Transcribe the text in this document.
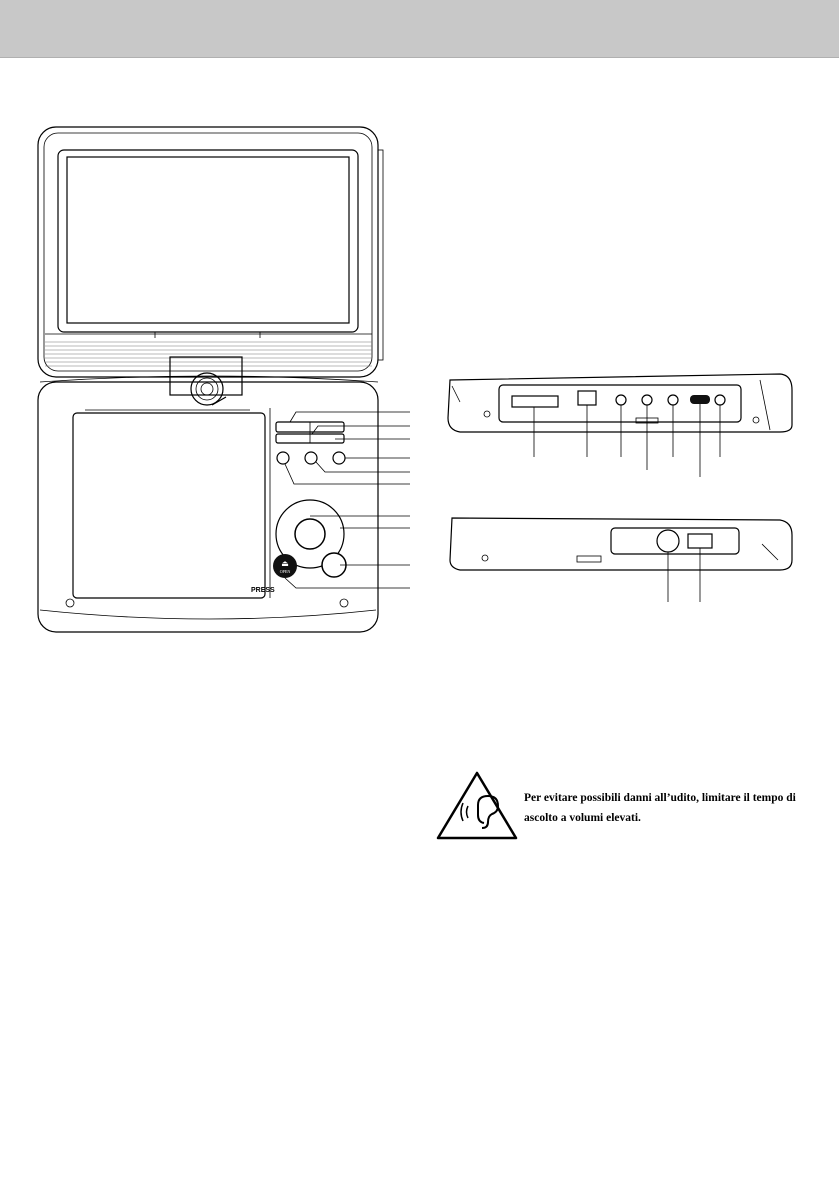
▲
▼
◀	▶
⏏
OPEN
PRESS
Per evitare possibili danni all’udito, limitare il tempo di ascolto a volumi elevati.
